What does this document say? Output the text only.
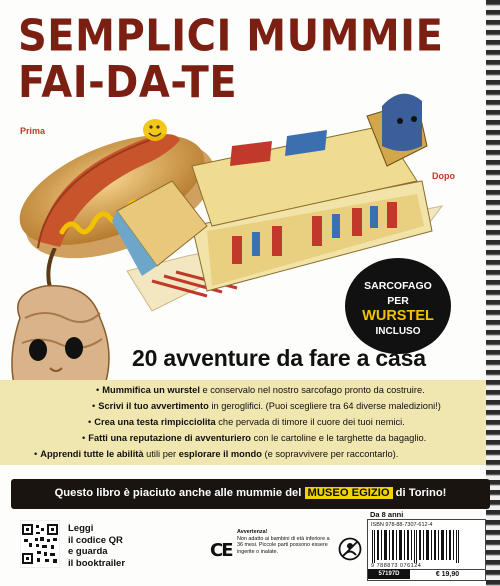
SEMPLICI MUMMIE
FAI-DA-TE
Prima
Dopo
SARCOFAGO
PER
WURSTEL
INCLUSO
20 avventure da fare a casa
• Mummifica un wurstel e conservalo nel nostro sarcofago pronto da costruire.
• Scrivi il tuo avvertimento in geroglifici. (Puoi scegliere tra 64 diverse maledizioni!)
• Crea una testa rimpicciolita che pervada di timore il cuore dei tuoi nemici.
• Fatti una reputazione di avventuriero con le cartoline e le targhette da bagaglio.
• Apprendi tutte le abilità utili per esplorare il mondo (e sopravvivere per raccontarlo).
Questo libro è piaciuto anche alle mummie del MUSEO EGIZIO di Torino!
Leggi
il codice QR
e guarda
il booktrailer
CE
Avvertenza!
Non adatto ai bambini di età inferiore a 36 mesi. Piccole parti possono essere ingerite o inalate.
Da 8 anni
ISBN 978-88-7307-612-4
9 788873 076124
57197D	€ 19,90
